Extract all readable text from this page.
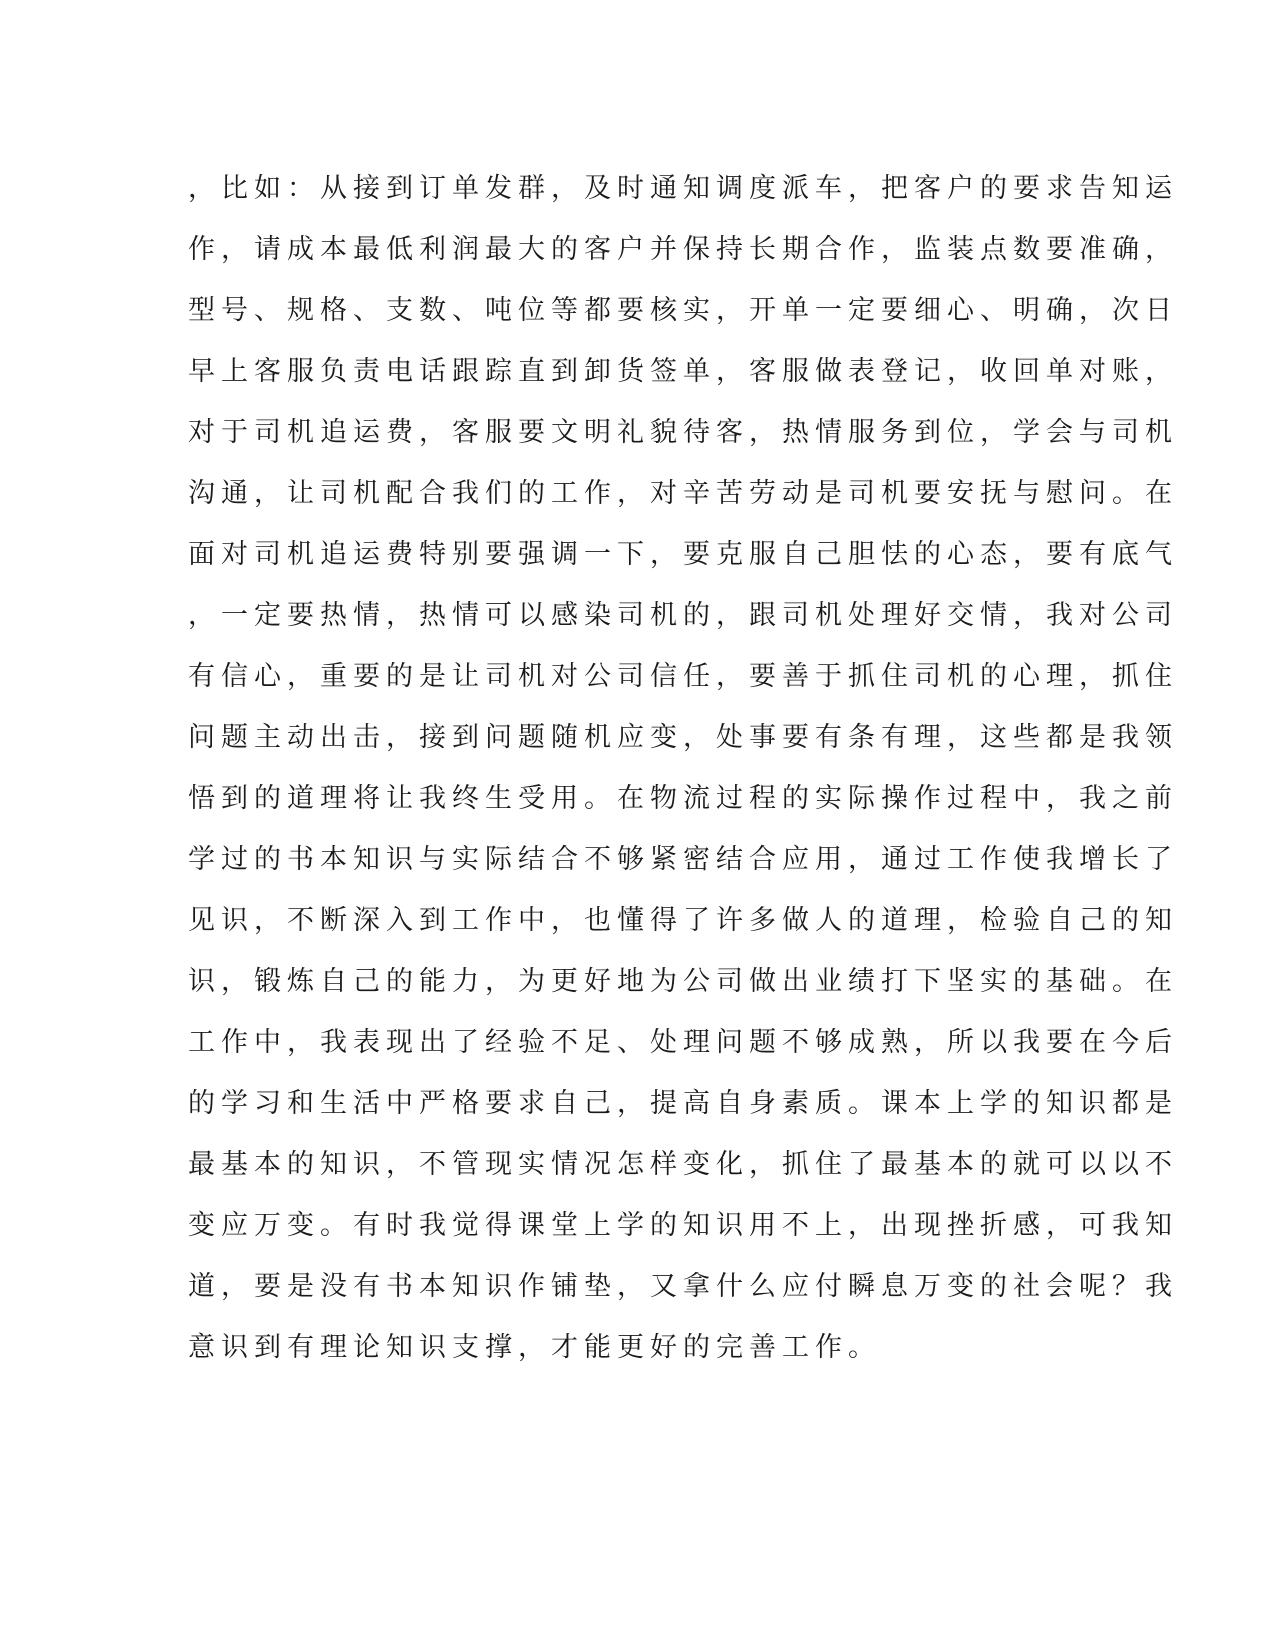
，比如：从接到订单发群，及时通知调度派车，把客户的要求告知运
作，请成本最低利润最大的客户并保持长期合作，监装点数要准确，
型号、规格、支数、吨位等都要核实，开单一定要细心、明确，次日
早上客服负责电话跟踪直到卸货签单，客服做表登记，收回单对账，
对于司机追运费，客服要文明礼貌待客，热情服务到位，学会与司机
沟通，让司机配合我们的工作，对辛苦劳动是司机要安抚与慰问。在
面对司机追运费特别要强调一下，要克服自己胆怯的心态，要有底气
，一定要热情，热情可以感染司机的，跟司机处理好交情，我对公司
有信心，重要的是让司机对公司信任，要善于抓住司机的心理，抓住
问题主动出击，接到问题随机应变，处事要有条有理，这些都是我领
悟到的道理将让我终生受用。在物流过程的实际操作过程中，我之前
学过的书本知识与实际结合不够紧密结合应用，通过工作使我增长了
见识，不断深入到工作中，也懂得了许多做人的道理，检验自己的知
识，锻炼自己的能力，为更好地为公司做出业绩打下坚实的基础。在
工作中，我表现出了经验不足、处理问题不够成熟，所以我要在今后
的学习和生活中严格要求自己，提高自身素质。课本上学的知识都是
最基本的知识，不管现实情况怎样变化，抓住了最基本的就可以以不
变应万变。有时我觉得课堂上学的知识用不上，出现挫折感，可我知
道，要是没有书本知识作铺垫，又拿什么应付瞬息万变的社会呢？我
意识到有理论知识支撑，才能更好的完善工作。
